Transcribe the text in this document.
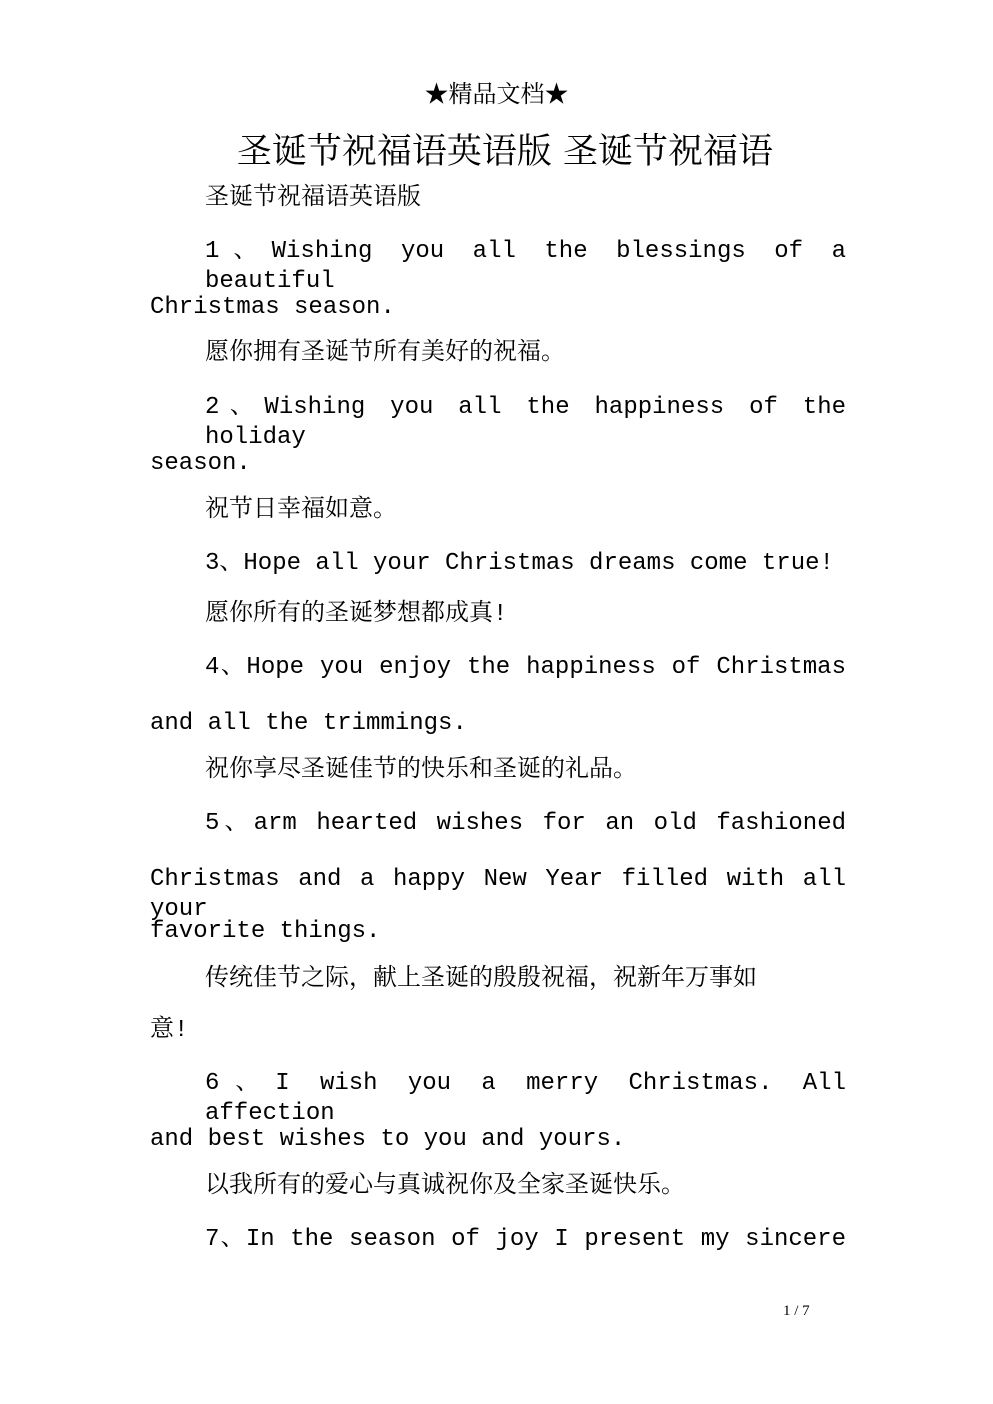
★精品文档★
圣诞节祝福语英语版 圣诞节祝福语
圣诞节祝福语英语版
1、Wishing you all the blessings of a beautiful
Christmas season.
愿你拥有圣诞节所有美好的祝福。
2、Wishing you all the happiness of the holiday
season.
祝节日幸福如意。
3、Hope all your Christmas dreams come true!
愿你所有的圣诞梦想都成真!
4、Hope you enjoy the happiness of Christmas
and all the trimmings.
祝你享尽圣诞佳节的快乐和圣诞的礼品。
5、arm hearted wishes for an old fashioned
Christmas and a happy New Year filled with all your
favorite things.
传统佳节之际，献上圣诞的殷殷祝福，祝新年万事如
意!
6、I wish you a merry Christmas. All affection
and best wishes to you and yours.
以我所有的爱心与真诚祝你及全家圣诞快乐。
7、In the season of joy I present my sincere
1 / 7
